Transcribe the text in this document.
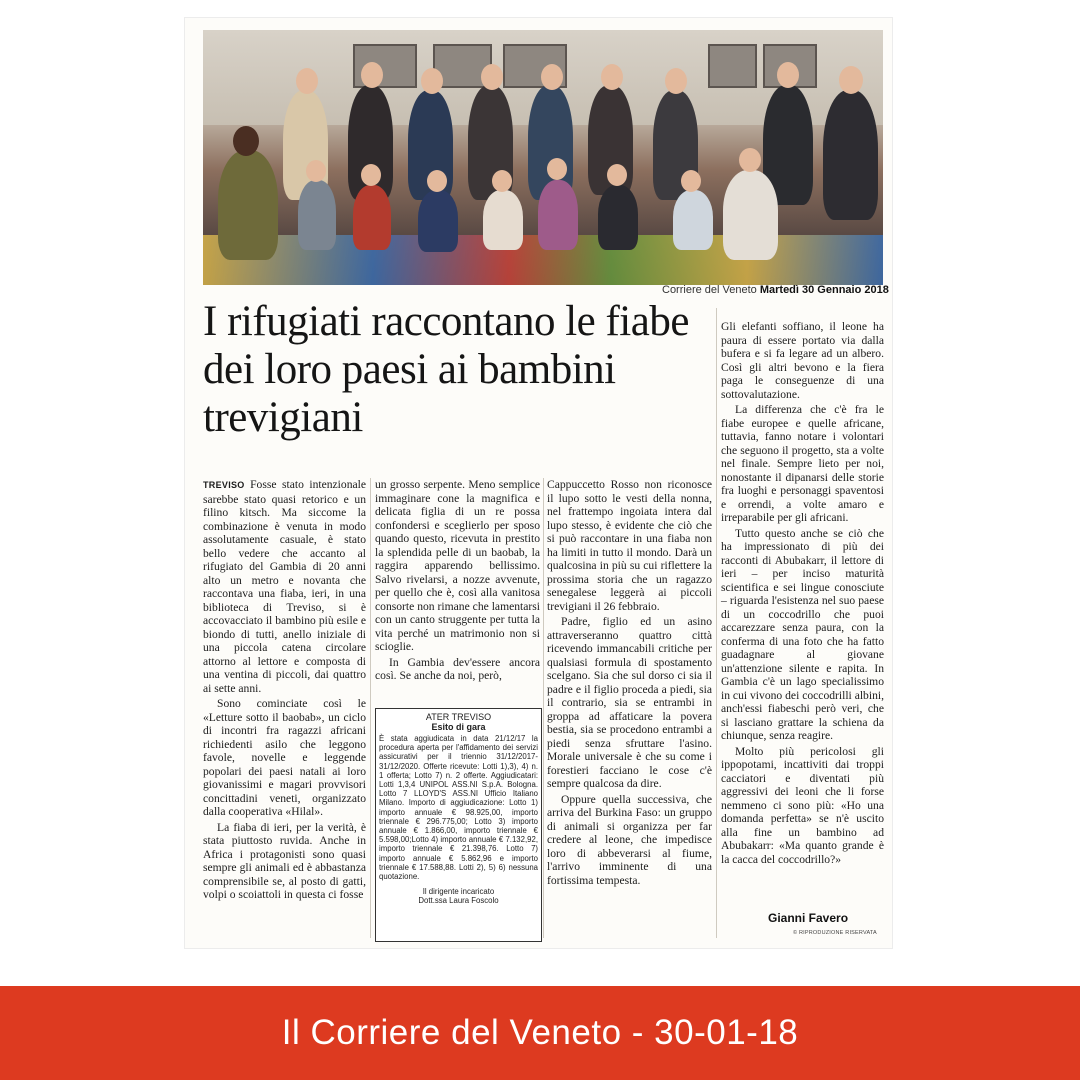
Corriere del Veneto Martedì 30 Gennaio 2018
I rifugiati raccontano le fiabe dei loro paesi ai bambini trevigiani

TREVISO Fosse stato intenzionale sarebbe stato quasi retorico e un filino kitsch. Ma siccome la combinazione è venuta in modo assolutamente casuale, è stato bello vedere che accanto al rifugiato del Gambia di 20 anni alto un metro e novanta che raccontava una fiaba, ieri, in una biblioteca di Treviso, si è accovacciato il bambino più esile e biondo di tutti, anello iniziale di una piccola catena circolare attorno al lettore e composta di una ventina di piccoli, dai quattro ai sette anni.

Sono cominciate così le «Letture sotto il baobab», un ciclo di incontri fra ragazzi africani richiedenti asilo che leggono favole, novelle e leggende popolari dei paesi natali ai loro giovanissimi e magari provvisori concittadini veneti, organizzato dalla cooperativa «Hilal».

La fiaba di ieri, per la verità, è stata piuttosto ruvida. Anche in Africa i protagonisti sono quasi sempre gli animali ed è abbastanza comprensibile se, al posto di gatti, volpi o scoiattoli in questa ci fosse

un grosso serpente. Meno semplice immaginare cone la magnifica e delicata figlia di un re possa confondersi e sceglierlo per sposo quando questo, ricevuta in prestito la splendida pelle di un baobab, la raggira apparendo bellissimo. Salvo rivelarsi, a nozze avvenute, per quello che è, così alla vanitosa consorte non rimane che lamentarsi con un canto struggente per tutta la vita perché un matrimonio non si scioglie.

In Gambia dev'essere ancora così. Se anche da noi, però,

ATER TREVISO
Esito di gara

È stata aggiudicata in data 21/12/17 la procedura aperta per l'affidamento dei servizi assicurativi per il triennio 31/12/2017-31/12/2020. Offerte ricevute: Lotti 1),3), 4) n. 1 offerta; Lotto 7) n. 2 offerte. Aggiudicatari: Lotti 1,3,4 UNIPOL ASS.NI S.p.A. Bologna. Lotto 7 LLOYD'S ASS.NI Ufficio Italiano Milano. Importo di aggiudicazione: Lotto 1) importo annuale € 98.925,00, importo triennale € 296.775,00; Lotto 3) importo annuale € 1.866,00, importo triennale € 5.598,00;Lotto 4) importo annuale € 7.132,92, importo triennale € 21.398,76. Lotto 7) importo annuale € 5.862,96 e importo triennale € 17.588,88. Lotti 2), 5) 6) nessuna quotazione.

Il dirigente incaricato
Dott.ssa Laura Foscolo

Cappuccetto Rosso non riconosce il lupo sotto le vesti della nonna, nel frattempo ingoiata intera dal lupo stesso, è evidente che ciò che si può raccontare in una fiaba non ha limiti in tutto il mondo. Darà un qualcosina in più su cui riflettere la prossima storia che un ragazzo senegalese leggerà ai piccoli trevigiani il 26 febbraio.

Padre, figlio ed un asino attraverseranno quattro città ricevendo immancabili critiche per qualsiasi formula di spostamento scelgano. Sia che sul dorso ci sia il padre e il figlio proceda a piedi, sia il contrario, sia se entrambi in groppa ad affaticare la povera bestia, sia se procedono entrambi a piedi senza sfruttare l'asino. Morale universale è che su come i forestieri facciano le cose c'è sempre qualcosa da dire.

Oppure quella successiva, che arriva del Burkina Faso: un gruppo di animali si organizza per far credere al leone, che impedisce loro di abbeverarsi al fiume, l'arrivo imminente di una fortissima tempesta.

Gli elefanti soffiano, il leone ha paura di essere portato via dalla bufera e si fa legare ad un albero. Così gli altri bevono e la fiera paga le conseguenze di una sottovalutazione.

La differenza che c'è fra le fiabe europee e quelle africane, tuttavia, fanno notare i volontari che seguono il progetto, sta a volte nel finale. Sempre lieto per noi, nonostante il dipanarsi delle storie fra luoghi e personaggi spaventosi e orrendi, a volte amaro e irreparabile per gli africani.

Tutto questo anche se ciò che ha impressionato di più dei racconti di Abubakarr, il lettore di ieri – per inciso maturità scientifica e sei lingue conosciute – riguarda l'esistenza nel suo paese di un coccodrillo che puoi accarezzare senza paura, con la conferma di una foto che ha fatto guadagnare al giovane un'attenzione silente e rapita. In Gambia c'è un lago specialissimo in cui vivono dei coccodrilli albini, anch'essi fiabeschi però veri, che si lasciano grattare la schiena da chiunque, senza reagire.

Molto più pericolosi gli ippopotami, incattiviti dai troppi cacciatori e diventati più aggressivi dei leoni che li forse nemmeno ci sono più: «Ho una domanda perfetta» se n'è uscito alla fine un bambino ad Abubakarr: «Ma quanto grande è la cacca del coccodrillo?»

Gianni Favero
© RIPRODUZIONE RISERVATA
Il Corriere del Veneto - 30-01-18
